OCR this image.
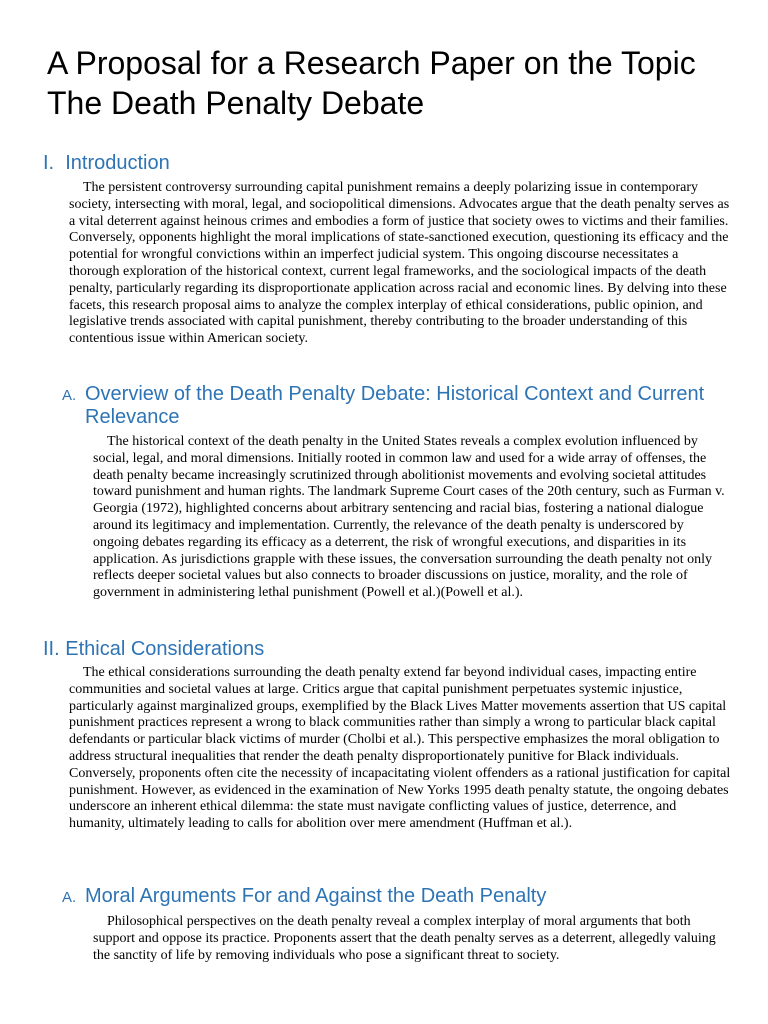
A Proposal for a Research Paper on the Topic The Death Penalty Debate
I.  Introduction

The persistent controversy surrounding capital punishment remains a deeply polarizing issue in contemporary society, intersecting with moral, legal, and sociopolitical dimensions. Advocates argue that the death penalty serves as a vital deterrent against heinous crimes and embodies a form of justice that society owes to victims and their families. Conversely, opponents highlight the moral implications of state-sanctioned execution, questioning its efficacy and the potential for wrongful convictions within an imperfect judicial system. This ongoing discourse necessitates a thorough exploration of the historical context, current legal frameworks, and the sociological impacts of the death penalty, particularly regarding its disproportionate application across racial and economic lines. By delving into these facets, this research proposal aims to analyze the complex interplay of ethical considerations, public opinion, and legislative trends associated with capital punishment, thereby contributing to the broader understanding of this contentious issue within American society.

A. Overview of the Death Penalty Debate: Historical Context and Current Relevance

The historical context of the death penalty in the United States reveals a complex evolution influenced by social, legal, and moral dimensions. Initially rooted in common law and used for a wide array of offenses, the death penalty became increasingly scrutinized through abolitionist movements and evolving societal attitudes toward punishment and human rights. The landmark Supreme Court cases of the 20th century, such as Furman v. Georgia (1972), highlighted concerns about arbitrary sentencing and racial bias, fostering a national dialogue around its legitimacy and implementation. Currently, the relevance of the death penalty is underscored by ongoing debates regarding its efficacy as a deterrent, the risk of wrongful executions, and disparities in its application. As jurisdictions grapple with these issues, the conversation surrounding the death penalty not only reflects deeper societal values but also connects to broader discussions on justice, morality, and the role of government in administering lethal punishment (Powell et al.)(Powell et al.).

II. Ethical Considerations

The ethical considerations surrounding the death penalty extend far beyond individual cases, impacting entire communities and societal values at large. Critics argue that capital punishment perpetuates systemic injustice, particularly against marginalized groups, exemplified by the Black Lives Matter movements assertion that US capital punishment practices represent a wrong to black communities rather than simply a wrong to particular black capital defendants or particular black victims of murder (Cholbi et al.). This perspective emphasizes the moral obligation to address structural inequalities that render the death penalty disproportionately punitive for Black individuals. Conversely, proponents often cite the necessity of incapacitating violent offenders as a rational justification for capital punishment. However, as evidenced in the examination of New Yorks 1995 death penalty statute, the ongoing debates underscore an inherent ethical dilemma: the state must navigate conflicting values of justice, deterrence, and humanity, ultimately leading to calls for abolition over mere amendment (Huffman et al.).

A. Moral Arguments For and Against the Death Penalty

Philosophical perspectives on the death penalty reveal a complex interplay of moral arguments that both support and oppose its practice. Proponents assert that the death penalty serves as a deterrent, allegedly valuing the sanctity of life by removing individuals who pose a significant threat to society.
